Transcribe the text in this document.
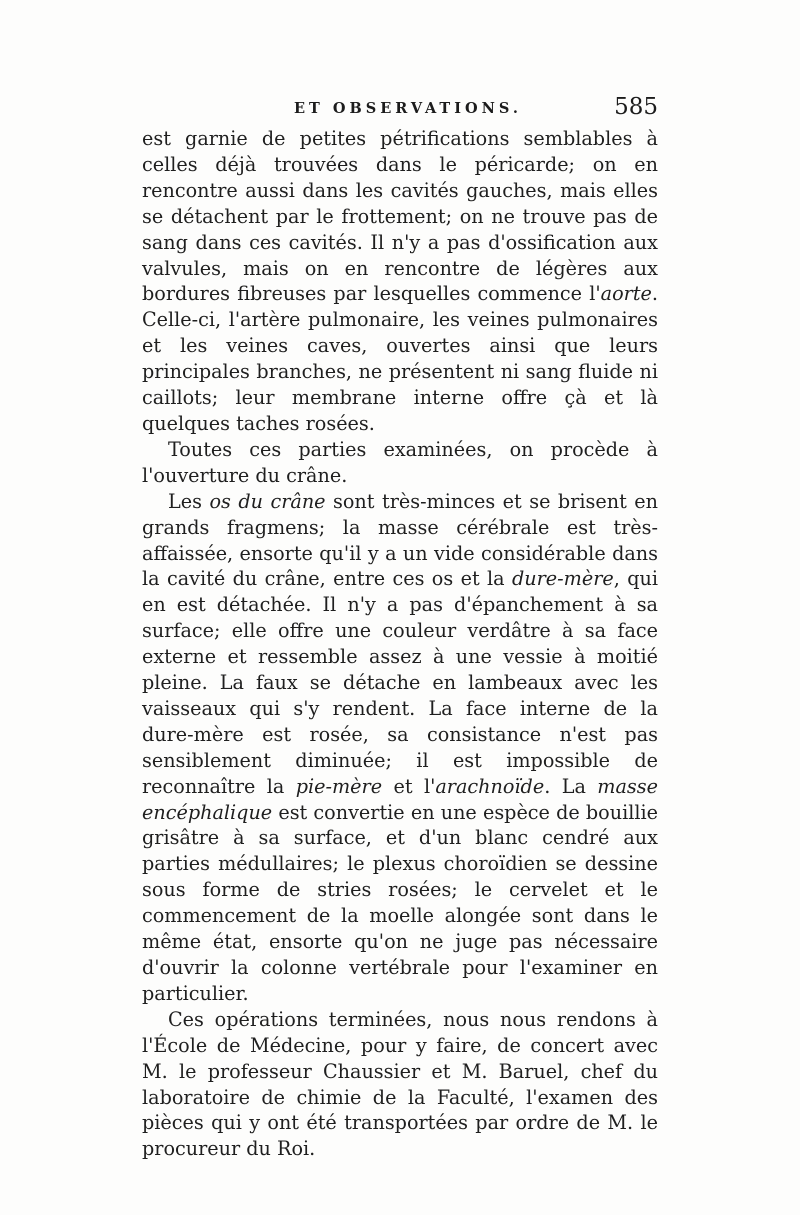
ET OBSERVATIONS.	585

est garnie de petites pétrifications semblables à celles déjà trouvées dans le péricarde; on en rencontre aussi dans les cavités gauches, mais elles se détachent par le frottement; on ne trouve pas de sang dans ces cavités. Il n'y a pas d'ossification aux valvules, mais on en rencontre de légères aux bordures fibreuses par lesquelles commence l'aorte. Celle-ci, l'artère pulmonaire, les veines pulmonaires et les veines caves, ouvertes ainsi que leurs principales branches, ne présentent ni sang fluide ni caillots; leur membrane interne offre çà et là quelques taches rosées.

Toutes ces parties examinées, on procède à l'ouverture du crâne.

Les os du crâne sont très-minces et se brisent en grands fragmens; la masse cérébrale est très-affaissée, ensorte qu'il y a un vide considérable dans la cavité du crâne, entre ces os et la dure-mère, qui en est détachée. Il n'y a pas d'épanchement à sa surface; elle offre une couleur verdâtre à sa face externe et ressemble assez à une vessie à moitié pleine. La faux se détache en lambeaux avec les vaisseaux qui s'y rendent. La face interne de la dure-mère est rosée, sa consistance n'est pas sensiblement diminuée; il est impossible de reconnaître la pie-mère et l'arachnoïde. La masse encéphalique est convertie en une espèce de bouillie grisâtre à sa surface, et d'un blanc cendré aux parties médullaires; le plexus choroïdien se dessine sous forme de stries rosées; le cervelet et le commencement de la moelle alongée sont dans le même état, ensorte qu'on ne juge pas nécessaire d'ouvrir la colonne vertébrale pour l'examiner en particulier.

Ces opérations terminées, nous nous rendons à l'École de Médecine, pour y faire, de concert avec M. le professeur Chaussier et M. Baruel, chef du laboratoire de chimie de la Faculté, l'examen des pièces qui y ont été transportées par ordre de M. le procureur du Roi.
